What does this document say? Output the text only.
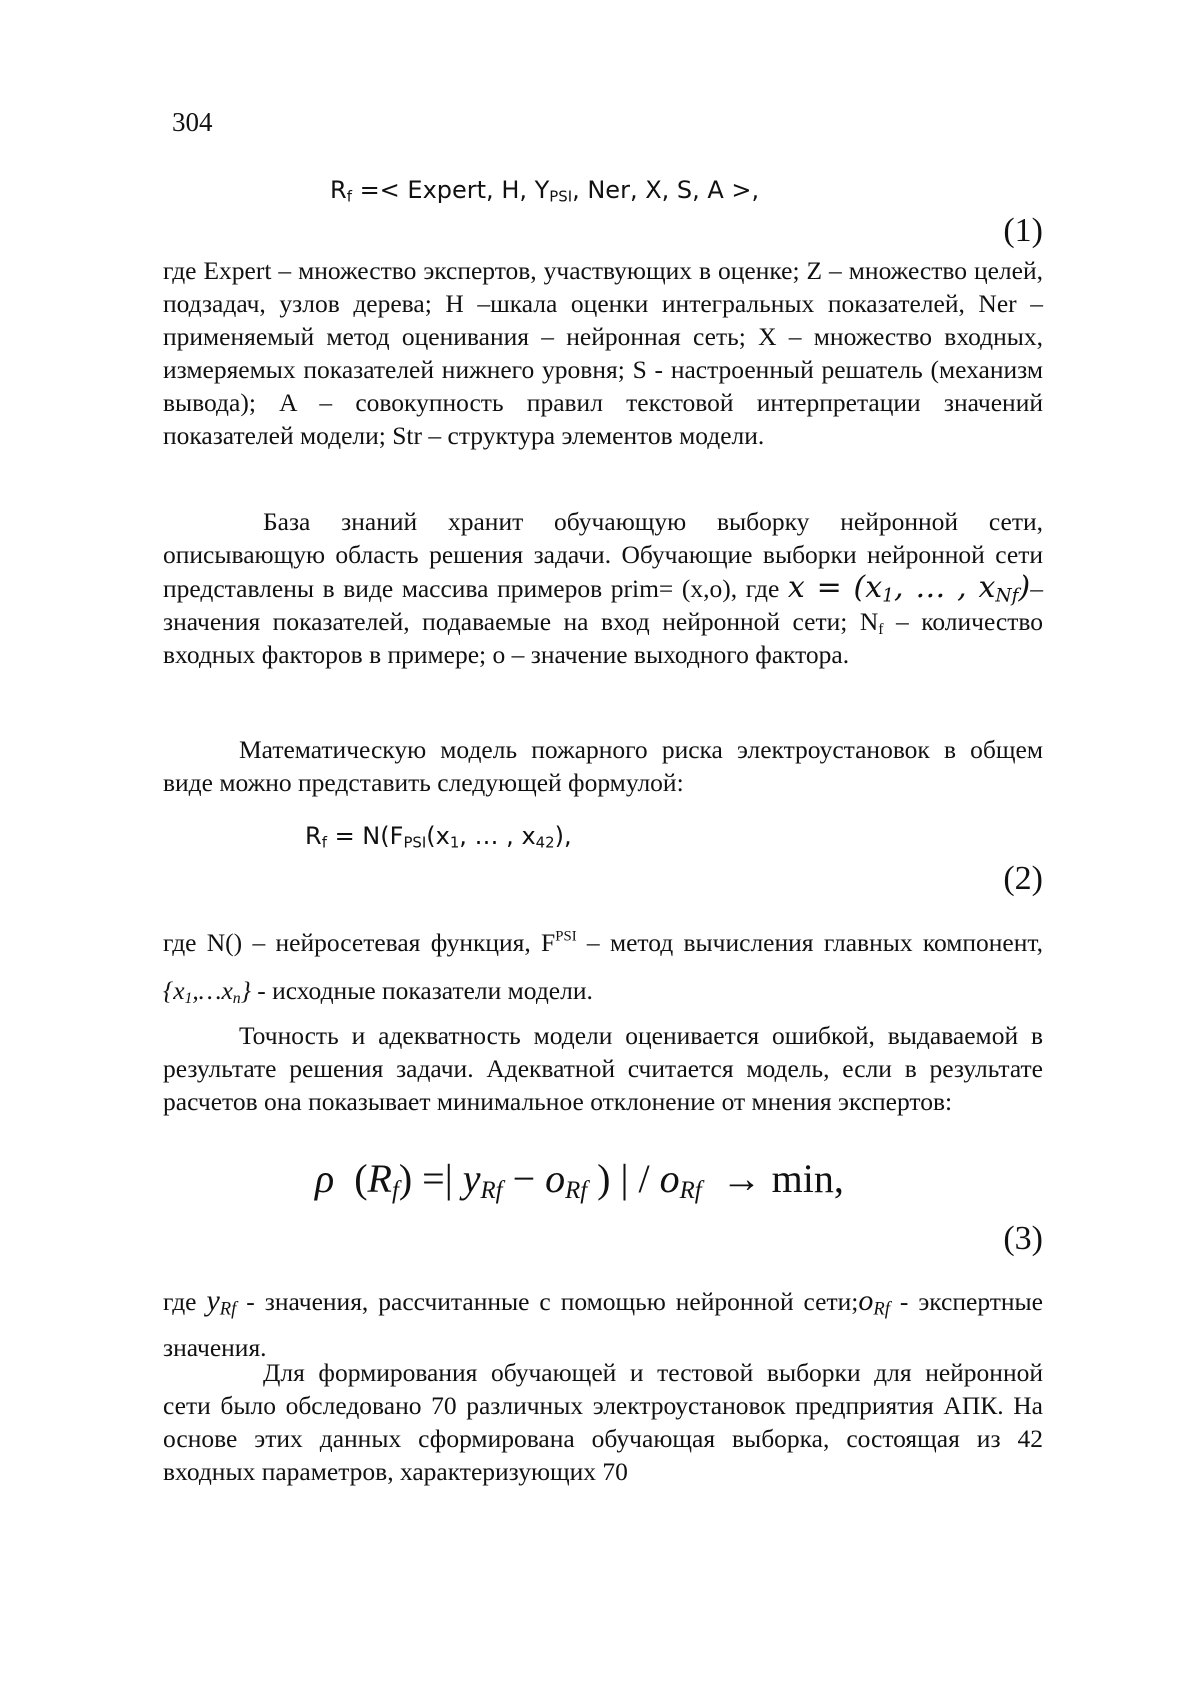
304
$R_f$ =< Expert, H, $Y_{PSI}$, Ner, X, S, A >,
(1)

где Expert – множество экспертов, участвующих в оценке; Z – множество целей, подзадач, узлов дерева; H –шкала оценки интегральных показателей, Ner – применяемый метод оценивания – нейронная сеть; X – множество входных, измеряемых показателей нижнего уровня; S - настроенный решатель (механизм вывода); A – совокупность правил текстовой интерпретации значений показателей модели; Str – структура элементов модели.

База знаний хранит обучающую выборку нейронной сети, описывающую область решения задачи. Обучающие выборки нейронной сети представлены в виде массива примеров prim= (x,o), где $x = (x_1$, … , $x_{Nf})-$ значения показателей, подаваемые на вход нейронной сети; $N_f$ – количество входных факторов в примере; o – значение выходного фактора.

Математическую модель пожарного риска электроустановок в общем виде можно представить следующей формулой:

$R_f = N(F_{PSI}(x_1$, … , $x_{42}$),
(2)

где N() – нейросетевая функция, $F^{PSI}$ – метод вычисления главных компонент, $\{x_1,\dots x_n\}$ - исходные показатели модели.

Точность и адекватность модели оценивается ошибкой, выдаваемой в результате решения задачи. Адекватной считается модель, если в результате расчетов она показывает минимальное отклонение от мнения экспертов:

ρ  $(R_f)$ =| $y_{Rf} - o_{Rf}$ ) | / $o_{Rf} \to \min$,
(3)

где $y_{Rf}$ - значения, рассчитанные с помощью нейронной $сети;o_{Rf}$ - экспертные значения.

Для формирования обучающей и тестовой выборки для нейронной сети было обследовано 70 различных электроустановок предприятия АПК. На основе этих данных сформирована обучающая выборка, состоящая из 42 входных параметров, характеризующих 70
